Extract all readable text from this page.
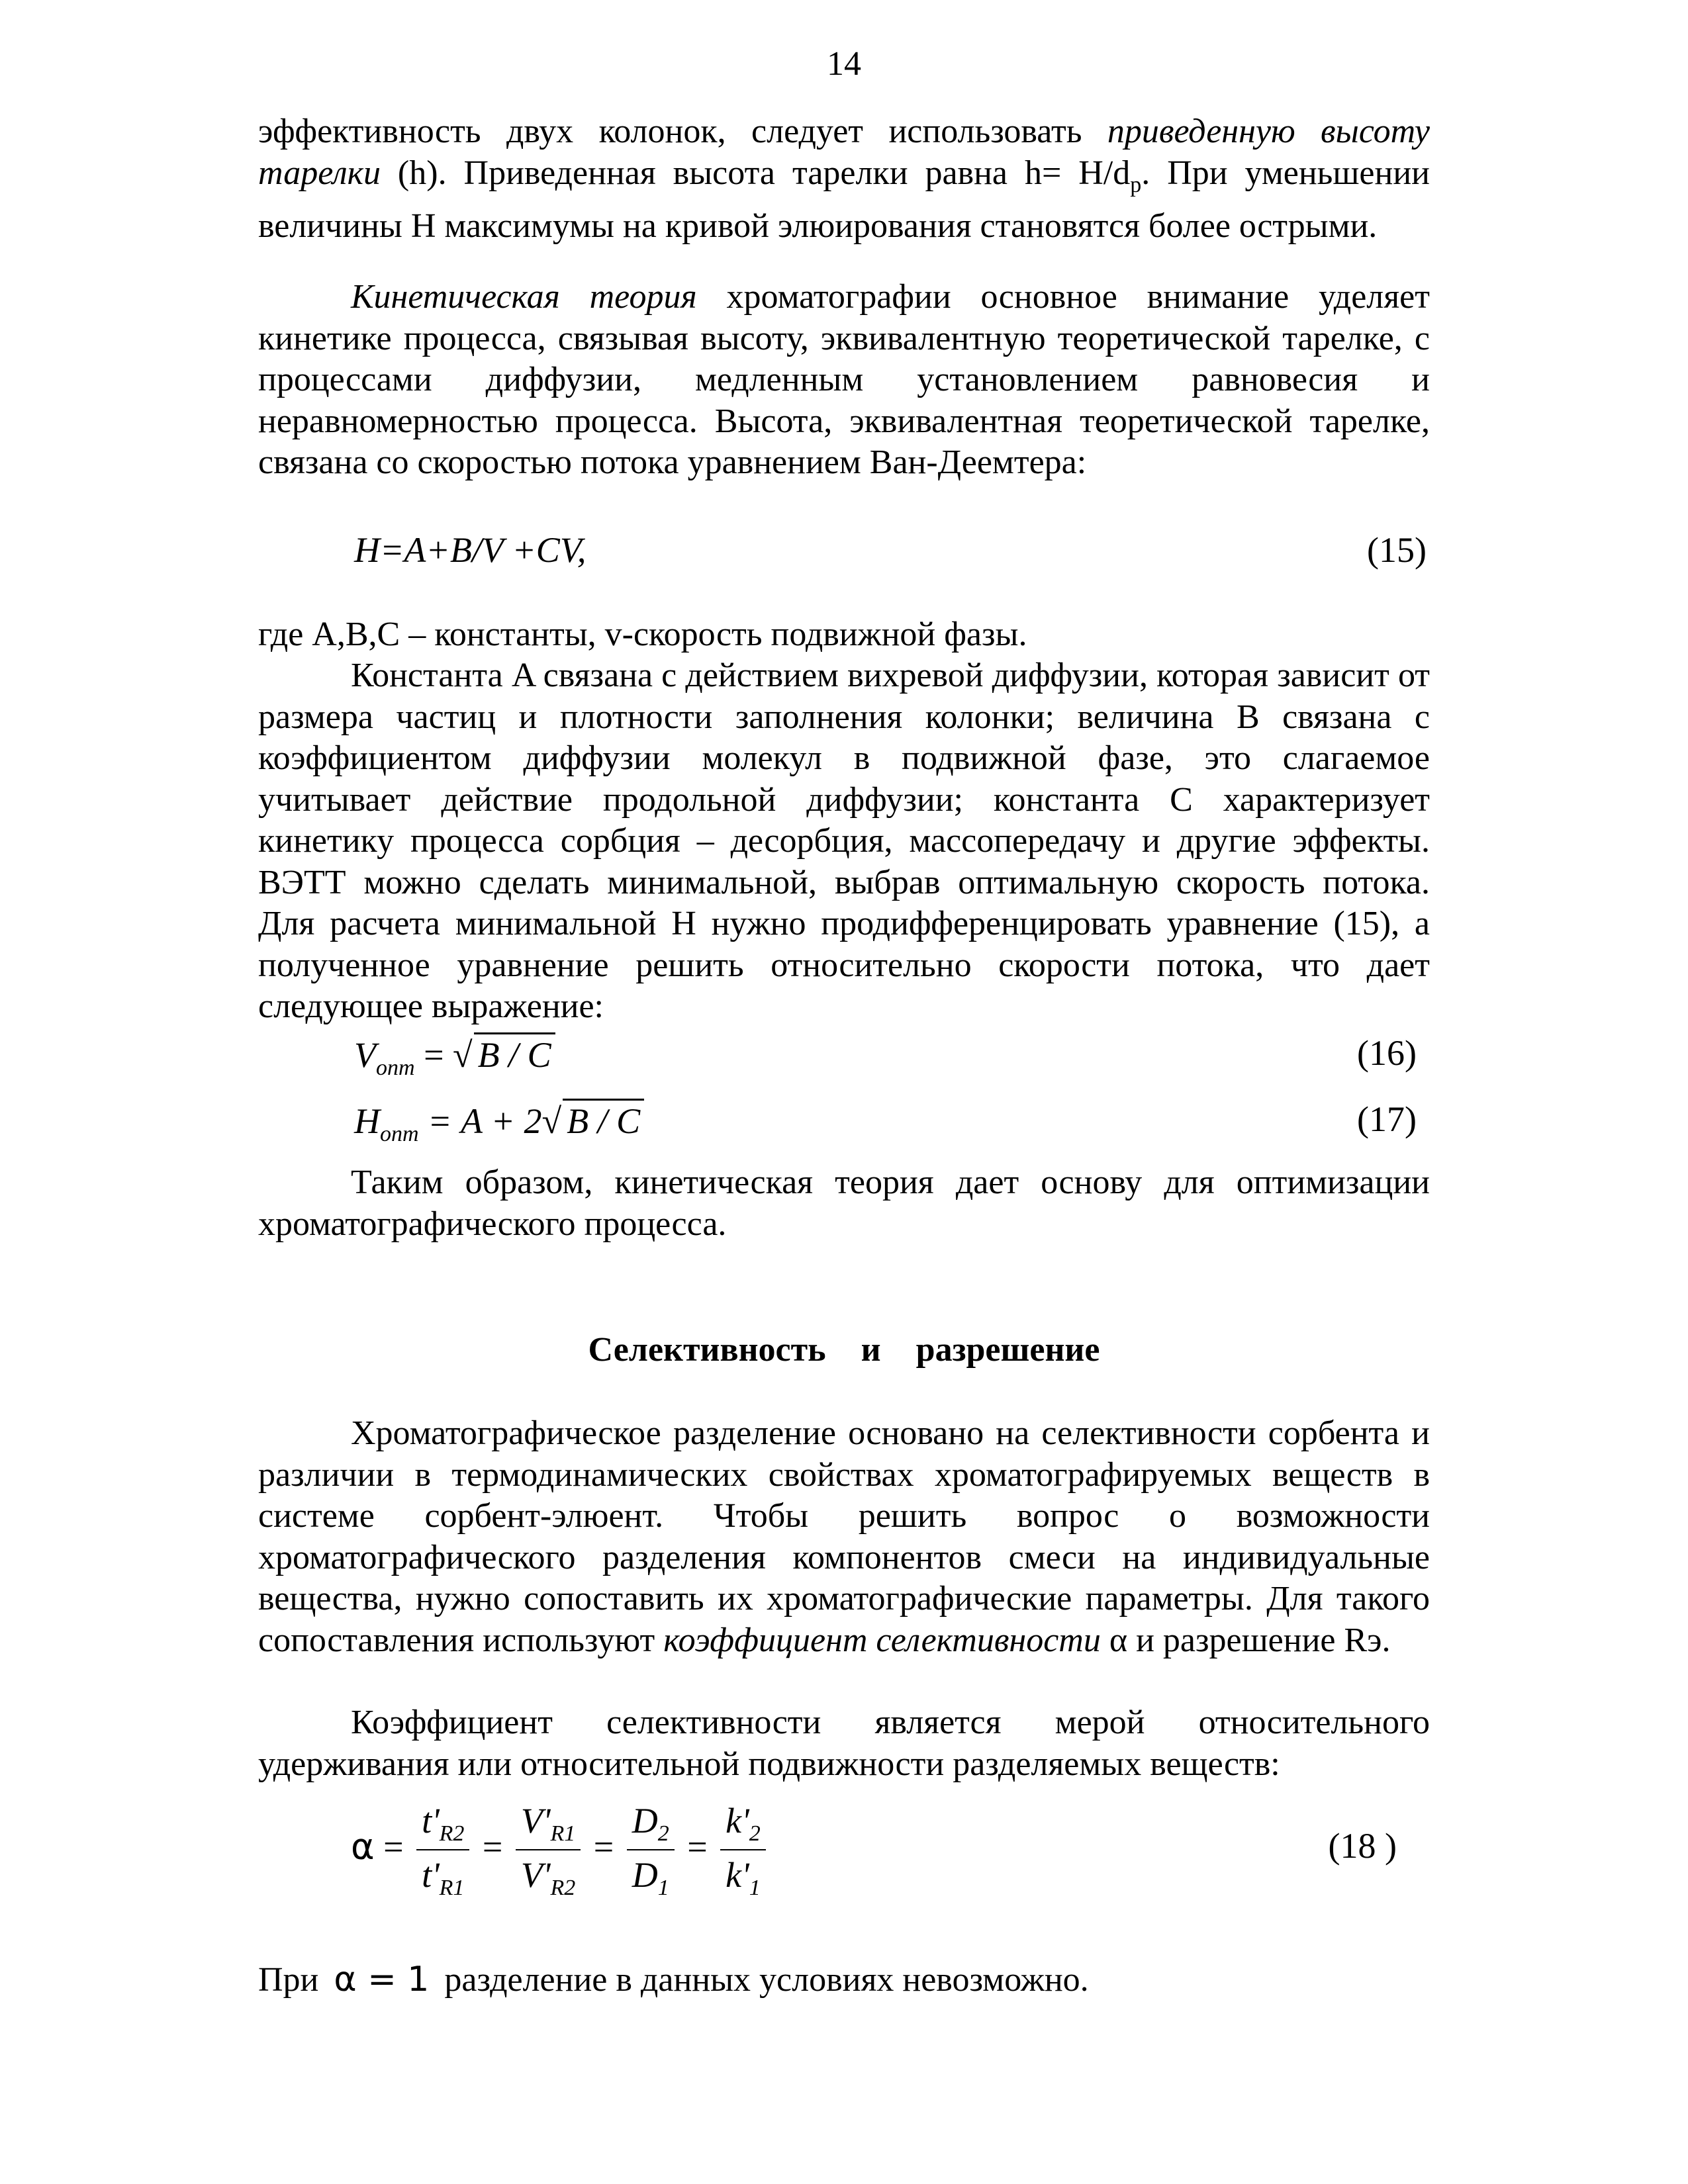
14

эффективность двух колонок, следует использовать приведенную высоту тарелки (h). Приведенная высота тарелки равна $h= H/d_p$. При уменьшении величины H максимумы на кривой элюирования становятся более острыми.

Кинетическая теория хроматографии основное внимание уделяет кинетике процесса, связывая высоту, эквивалентную теоретической тарелке, с процессами диффузии, медленным установлением равновесия и неравномерностью процесса. Высота, эквивалентная теоретической тарелке, связана со скоростью потока уравнением Ван-Деемтера:

H=A+B/V +CV,	(15)

где A,B,C – константы, v-скорость подвижной фазы.

Константа A связана с действием вихревой диффузии, которая зависит от размера частиц и плотности заполнения колонки; величина B связана с коэффициентом диффузии молекул в подвижной фазе, это слагаемое учитывает действие продольной диффузии; константа C характеризует кинетику процесса сорбция – десорбция, массопередачу и другие эффекты. ВЭТТ можно сделать минимальной, выбрав оптимальную скорость потока. Для расчета минимальной H нужно продифференцировать уравнение (15), а полученное уравнение решить относительно скорости потока, что дает следующее выражение:

$V_{опт}$ = √ B / C	(16)
$H_{опт} = A + 2√$ B / C	(17)

Таким образом, кинетическая теория дает основу для оптимизации хроматографического процесса.

Селективность и разрешение

Хроматографическое разделение основано на селективности сорбента и различии в термодинамических свойствах хроматографируемых веществ в системе сорбент-элюент. Чтобы решить вопрос о возможности хроматографического разделения компонентов смеси на индивидуальные вещества, нужно сопоставить их хроматографические параметры. Для такого сопоставления используют коэффициент селективности α и разрешение Rэ.

Коэффициент селективности является мерой относительного удерживания или относительной подвижности разделяемых веществ:

$\alpha = \frac{t'_{R2}}{t'_{R1}} = \frac{V'_{R1}}{V'_{R2}} = \frac{D_2}{D_1} = \frac{k'_2}{k'_1}$	(18 )

При α = 1 разделение в данных условиях невозможно.
